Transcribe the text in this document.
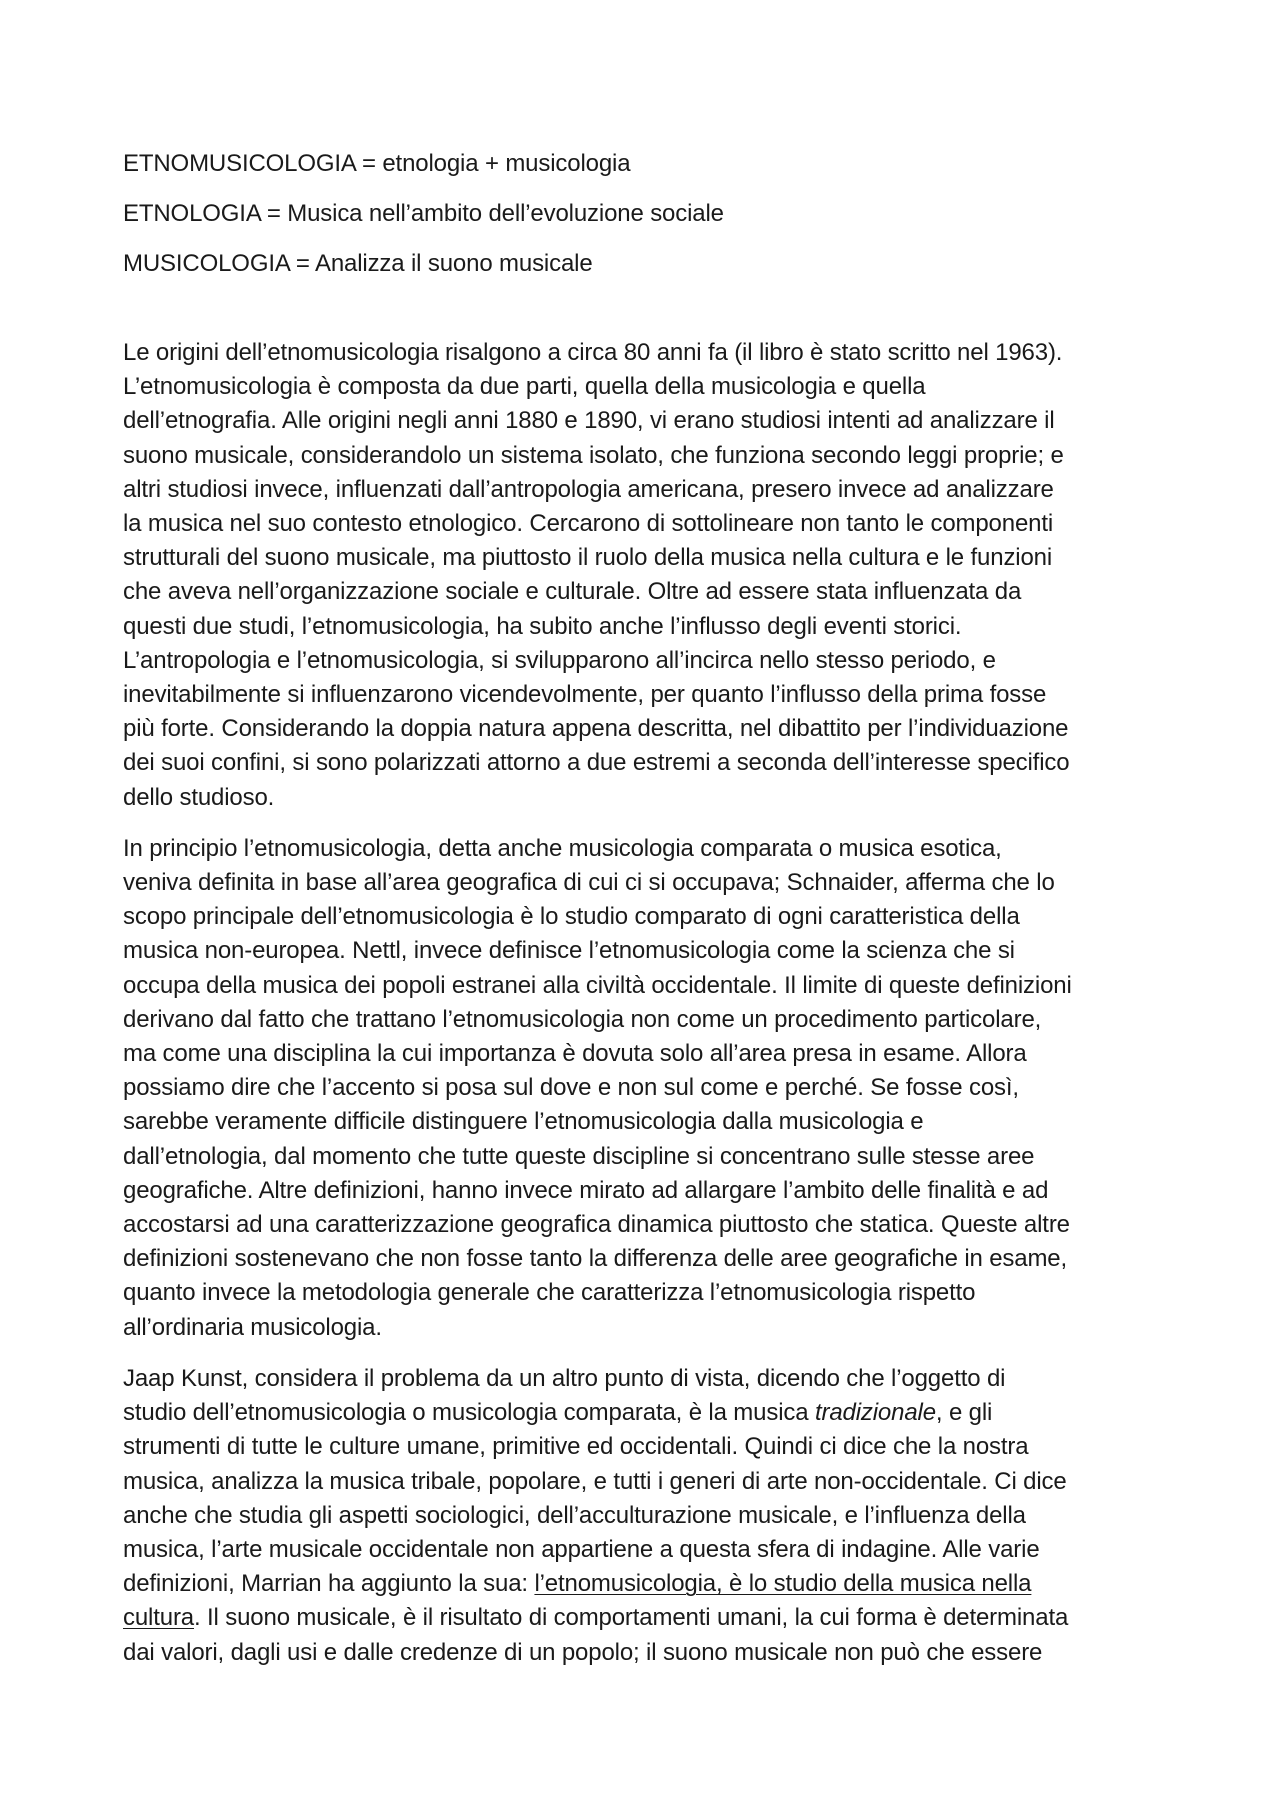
ETNOMUSICOLOGIA = etnologia + musicologia
ETNOLOGIA = Musica nell’ambito dell’evoluzione sociale
MUSICOLOGIA = Analizza il suono musicale

Le origini dell’etnomusicologia risalgono a circa 80 anni fa (il libro è stato scritto nel 1963).
L’etnomusicologia è composta da due parti, quella della musicologia e quella
dell’etnografia. Alle origini negli anni 1880 e 1890, vi erano studiosi intenti ad analizzare il
suono musicale, considerandolo un sistema isolato, che funziona secondo leggi proprie; e
altri studiosi invece, influenzati dall’antropologia americana, presero invece ad analizzare
la musica nel suo contesto etnologico. Cercarono di sottolineare non tanto le componenti
strutturali del suono musicale, ma piuttosto il ruolo della musica nella cultura e le funzioni
che aveva nell’organizzazione sociale e culturale. Oltre ad essere stata influenzata da
questi due studi, l’etnomusicologia, ha subito anche l’influsso degli eventi storici.
L’antropologia e l’etnomusicologia, si svilupparono all’incirca nello stesso periodo, e
inevitabilmente si influenzarono vicendevolmente, per quanto l’influsso della prima fosse
più forte. Considerando la doppia natura appena descritta, nel dibattito per l’individuazione
dei suoi confini, si sono polarizzati attorno a due estremi a seconda dell’interesse specifico
dello studioso.

In principio l’etnomusicologia, detta anche musicologia comparata o musica esotica,
veniva definita in base all’area geografica di cui ci si occupava; Schnaider, afferma che lo
scopo principale dell’etnomusicologia è lo studio comparato di ogni caratteristica della
musica non-europea. Nettl, invece definisce l’etnomusicologia come la scienza che si
occupa della musica dei popoli estranei alla civiltà occidentale. Il limite di queste definizioni
derivano dal fatto che trattano l’etnomusicologia non come un procedimento particolare,
ma come una disciplina la cui importanza è dovuta solo all’area presa in esame. Allora
possiamo dire che l’accento si posa sul dove e non sul come e perché. Se fosse così,
sarebbe veramente difficile distinguere l’etnomusicologia dalla musicologia e
dall’etnologia, dal momento che tutte queste discipline si concentrano sulle stesse aree
geografiche. Altre definizioni, hanno invece mirato ad allargare l’ambito delle finalità e ad
accostarsi ad una caratterizzazione geografica dinamica piuttosto che statica. Queste altre
definizioni sostenevano che non fosse tanto la differenza delle aree geografiche in esame,
quanto invece la metodologia generale che caratterizza l’etnomusicologia rispetto
all’ordinaria musicologia.

Jaap Kunst, considera il problema da un altro punto di vista, dicendo che l’oggetto di
studio dell’etnomusicologia o musicologia comparata, è la musica tradizionale, e gli
strumenti di tutte le culture umane, primitive ed occidentali. Quindi ci dice che la nostra
musica, analizza la musica tribale, popolare, e tutti i generi di arte non-occidentale. Ci dice
anche che studia gli aspetti sociologici, dell’acculturazione musicale, e l’influenza della
musica, l’arte musicale occidentale non appartiene a questa sfera di indagine. Alle varie
definizioni, Marrian ha aggiunto la sua: l’etnomusicologia, è lo studio della musica nella
cultura. Il suono musicale, è il risultato di comportamenti umani, la cui forma è determinata
dai valori, dagli usi e dalle credenze di un popolo; il suono musicale non può che essere
